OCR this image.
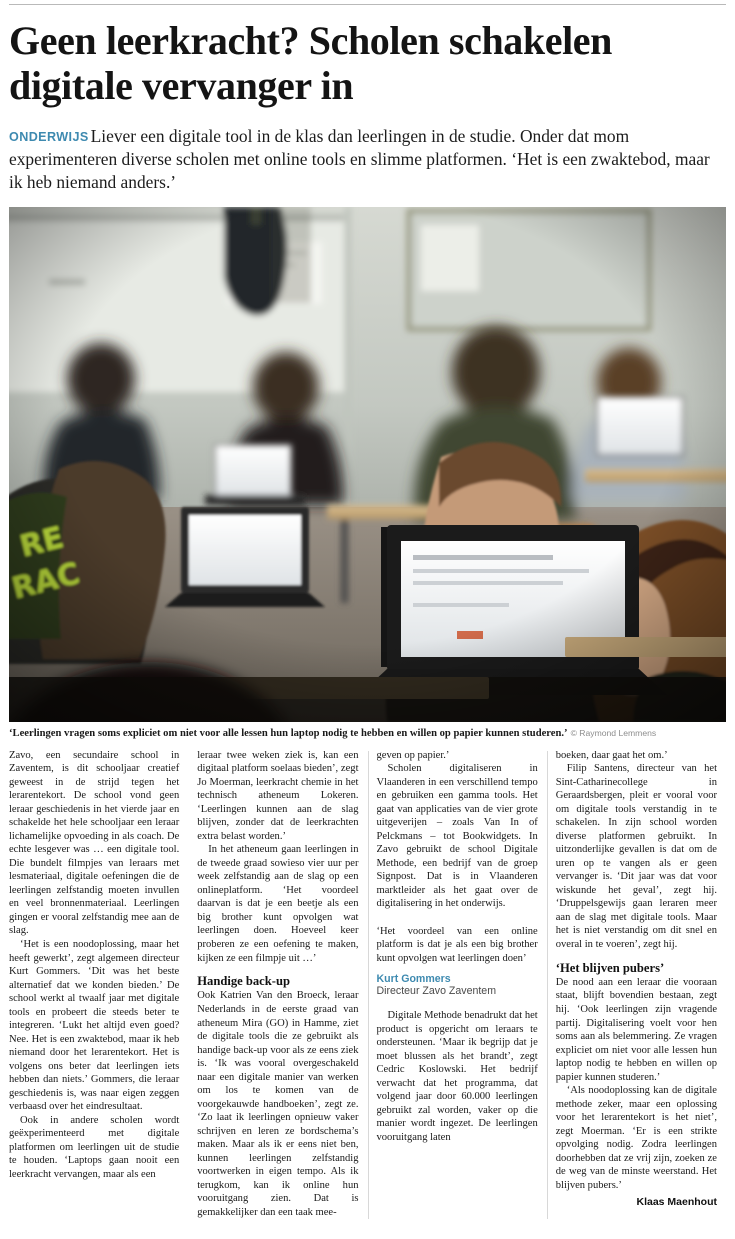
Geen leerkracht? Scholen schakelen digitale vervanger in

ONDERWIJS Liever een digitale tool in de klas dan leerlingen in de studie. Onder dat mom experimenteren diverse scholen met online tools en slimme platformen. ‘Het is een zwaktebod, maar ik heb niemand anders.’

‘Leerlingen vragen soms expliciet om niet voor alle lessen hun laptop nodig te hebben en willen op papier kunnen studeren.’ © Raymond Lemmens

Zavo, een secundaire school in Zaventem, is dit schooljaar creatief geweest in de strijd tegen het lerarentekort. De school vond geen leraar geschiedenis in het vierde jaar en schakelde het hele schooljaar een leraar lichamelijke opvoeding in als coach. De echte lesgever was … een digitale tool. Die bundelt filmpjes van leraars met lesmateriaal, digitale oefeningen die de leerlingen zelfstandig moeten invullen en veel bronnenmateriaal. Leerlingen gingen er vooral zelfstandig mee aan de slag.

‘Het is een noodoplossing, maar het heeft gewerkt’, zegt algemeen directeur Kurt Gommers. ‘Dit was het beste alternatief dat we konden bieden.’ De school werkt al twaalf jaar met digitale tools en probeert die steeds beter te integreren. ‘Lukt het altijd even goed? Nee. Het is een zwaktebod, maar ik heb niemand door het lerarentekort. Het is volgens ons beter dat leerlingen iets hebben dan niets.’ Gommers, die leraar geschiedenis is, was naar eigen zeggen verbaasd over het eindresultaat.

Ook in andere scholen wordt geëxperimenteerd met digitale platformen om leerlingen uit de studie te houden. ‘Laptops gaan nooit een leerkracht vervangen, maar als een

leraar twee weken ziek is, kan een digitaal platform soelaas bieden’, zegt Jo Moerman, leerkracht chemie in het technisch atheneum Lokeren. ‘Leerlingen kunnen aan de slag blijven, zonder dat de leerkrachten extra belast worden.’

In het atheneum gaan leerlingen in de tweede graad sowieso vier uur per week zelfstandig aan de slag op een onlineplatform. ‘Het voordeel daarvan is dat je een beetje als een big brother kunt opvolgen wat leerlingen doen. Hoeveel keer proberen ze een oefening te maken, kijken ze een filmpje uit …’

Handige back-up

Ook Katrien Van den Broeck, leraar Nederlands in de eerste graad van atheneum Mira (GO) in Hamme, ziet de digitale tools die ze gebruikt als handige back-up voor als ze eens ziek is. ‘Ik was vooral overgeschakeld naar een digitale manier van werken om los te komen van de voorgekauwde handboeken’, zegt ze. ‘Zo laat ik leerlingen opnieuw vaker schrijven en leren ze bordschema’s maken. Maar als ik er eens niet ben, kunnen leerlingen zelfstandig voortwerken in eigen tempo. Als ik terugkom, kan ik online hun vooruitgang zien. Dat is gemakkelijker dan een taak mee-

geven op papier.’

Scholen digitaliseren in Vlaanderen in een verschillend tempo en gebruiken een gamma tools. Het gaat van applicaties van de vier grote uitgeverijen – zoals Van In of Pelckmans – tot Bookwidgets. In Zavo gebruikt de school Digitale Methode, een bedrijf van de groep Signpost. Dat is in Vlaanderen marktleider als het gaat over de digitalisering in het onderwijs.

‘Het voordeel van een online platform is dat je als een big brother kunt opvolgen wat leerlingen doen’

Kurt Gommers
Directeur Zavo Zaventem

Digitale Methode benadrukt dat het product is opgericht om leraars te ondersteunen. ‘Maar ik begrijp dat je moet blussen als het brandt’, zegt Cedric Koslowski. Het bedrijf verwacht dat het programma, dat volgend jaar door 60.000 leerlingen gebruikt zal worden, vaker op die manier wordt ingezet. De leerlingen vooruitgang laten

boeken, daar gaat het om.’

Filip Santens, directeur van het Sint-Catharinecollege in Geraardsbergen, pleit er vooral voor om digitale tools verstandig in te schakelen. In zijn school worden diverse platformen gebruikt. In uitzonderlijke gevallen is dat om de uren op te vangen als er geen vervanger is. ‘Dit jaar was dat voor wiskunde het geval’, zegt hij. ‘Druppelsgewijs gaan leraren meer aan de slag met digitale tools. Maar het is niet verstandig om dit snel en overal in te voeren’, zegt hij.

‘Het blijven pubers’

De nood aan een leraar die vooraan staat, blijft bovendien bestaan, zegt hij. ‘Ook leerlingen zijn vragende partij. Digitalisering voelt voor hen soms aan als belemmering. Ze vragen expliciet om niet voor alle lessen hun laptop nodig te hebben en willen op papier kunnen studeren.’

‘Als noodoplossing kan de digitale methode zeker, maar een oplossing voor het lerarentekort is het niet’, zegt Moerman. ‘Er is een strikte opvolging nodig. Zodra leerlingen doorhebben dat ze vrij zijn, zoeken ze de weg van de minste weerstand. Het blijven pubers.’

Klaas Maenhout
